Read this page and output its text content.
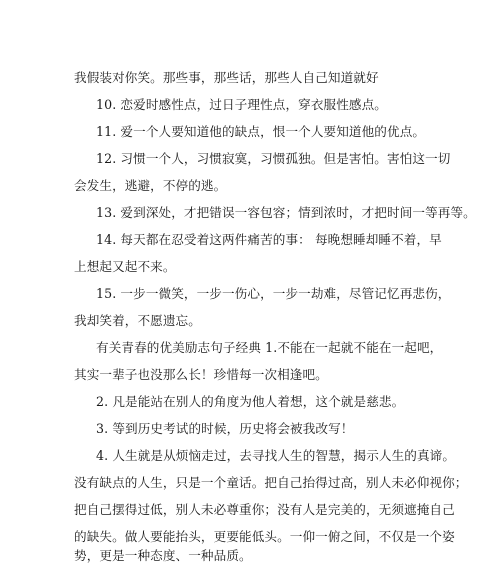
我假装对你笑。那些事，那些话，那些人自己知道就好
10. 恋爱时感性点，过日子理性点，穿衣服性感点。
11. 爱一个人要知道他的缺点，恨一个人要知道他的优点。
12. 习惯一个人，习惯寂寞，习惯孤独。但是害怕。害怕这一切
会发生，逃避，不停的逃。
13. 爱到深处，才把错误一容包容；情到浓时，才把时间一等再等。
14. 每天都在忍受着这两件痛苦的事： 每晚想睡却睡不着，早
上想起又起不来。
15. 一步一微笑，一步一伤心，一步一劫难，尽管记忆再悲伤，
我却笑着，不愿遗忘。
有关青春的优美励志句子经典 1.不能在一起就不能在一起吧，
其实一辈子也没那么长！珍惜每一次相逢吧。
2. 凡是能站在别人的角度为他人着想，这个就是慈悲。
3. 等到历史考试的时候，历史将会被我改写！
4. 人生就是从烦恼走过，去寻找人生的智慧，揭示人生的真谛。
没有缺点的人生，只是一个童话。把自己抬得过高，别人未必仰视你；
把自己摆得过低，别人未必尊重你；没有人是完美的，无须遮掩自己
的缺失。做人要能抬头，更要能低头。一仰一俯之间，不仅是一个姿
势，更是一种态度、一种品质。
